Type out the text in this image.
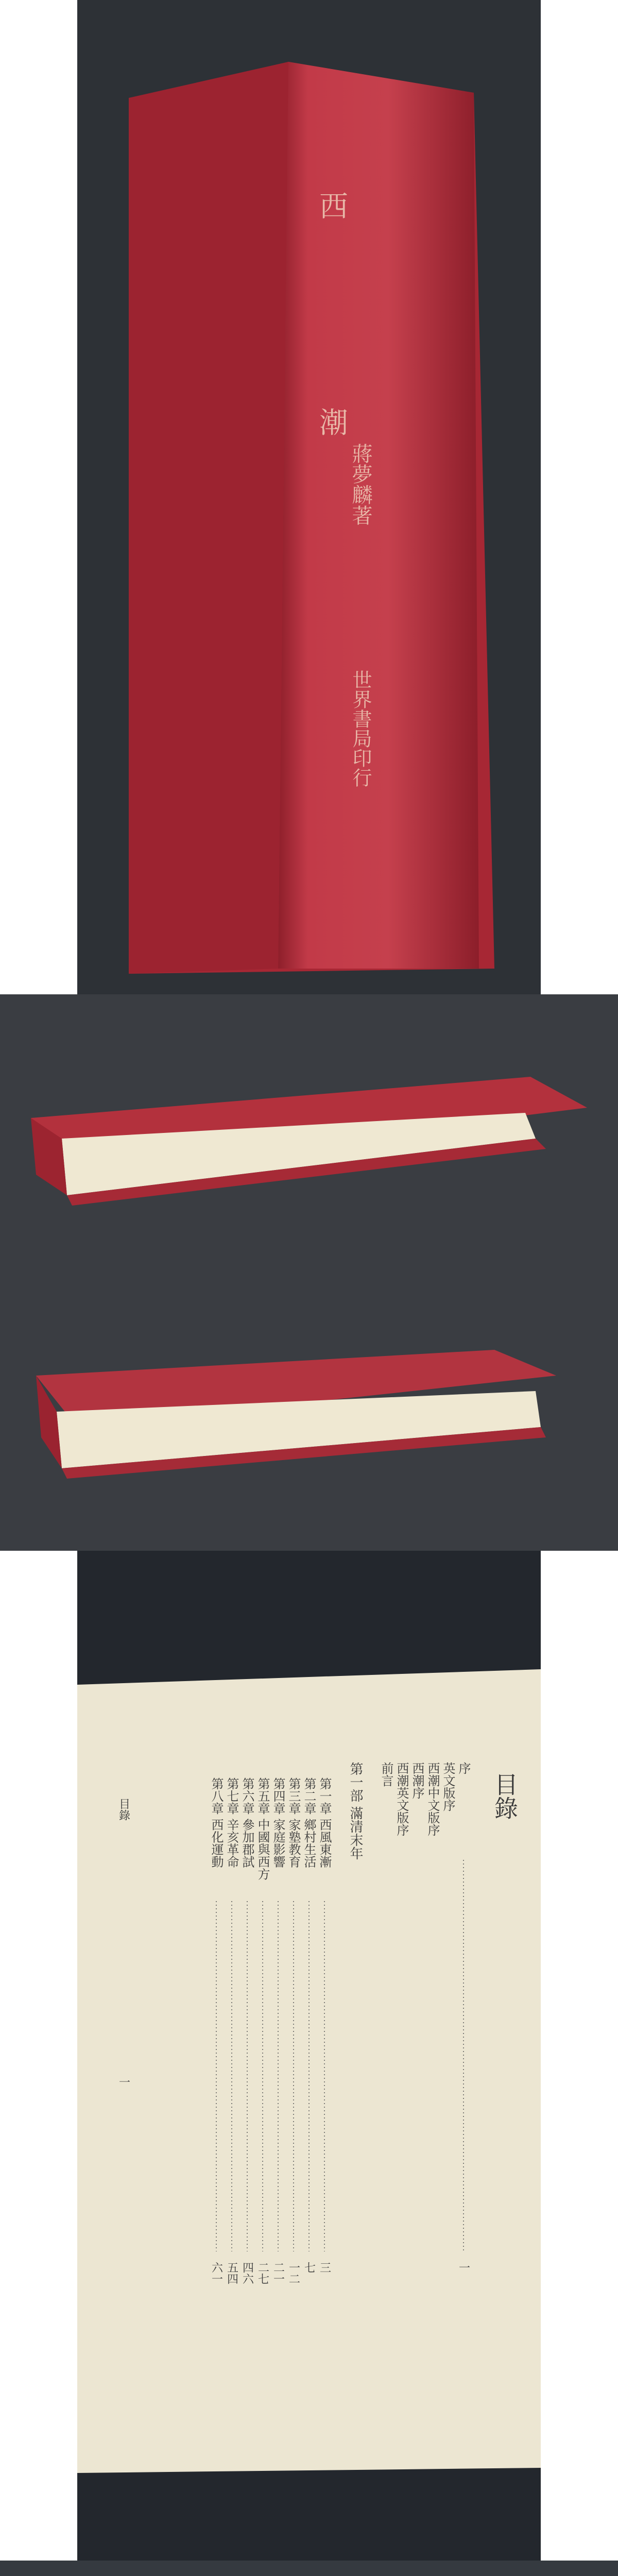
西
潮
蔣夢麟著
世界書局印行
目錄
序
英文版序
西潮中文版序
西潮序
西潮英文版序
前言
第一部 滿清末年
第一章 西風東漸
第二章 鄉村生活
第三章 家塾教育
第四章 家庭影響
第五章 中國與西方
第六章 參加郡試
第七章 辛亥革命
第八章 西化運動
一
三
七
一二
二一
二七
四六
五四
六一
目錄
一
